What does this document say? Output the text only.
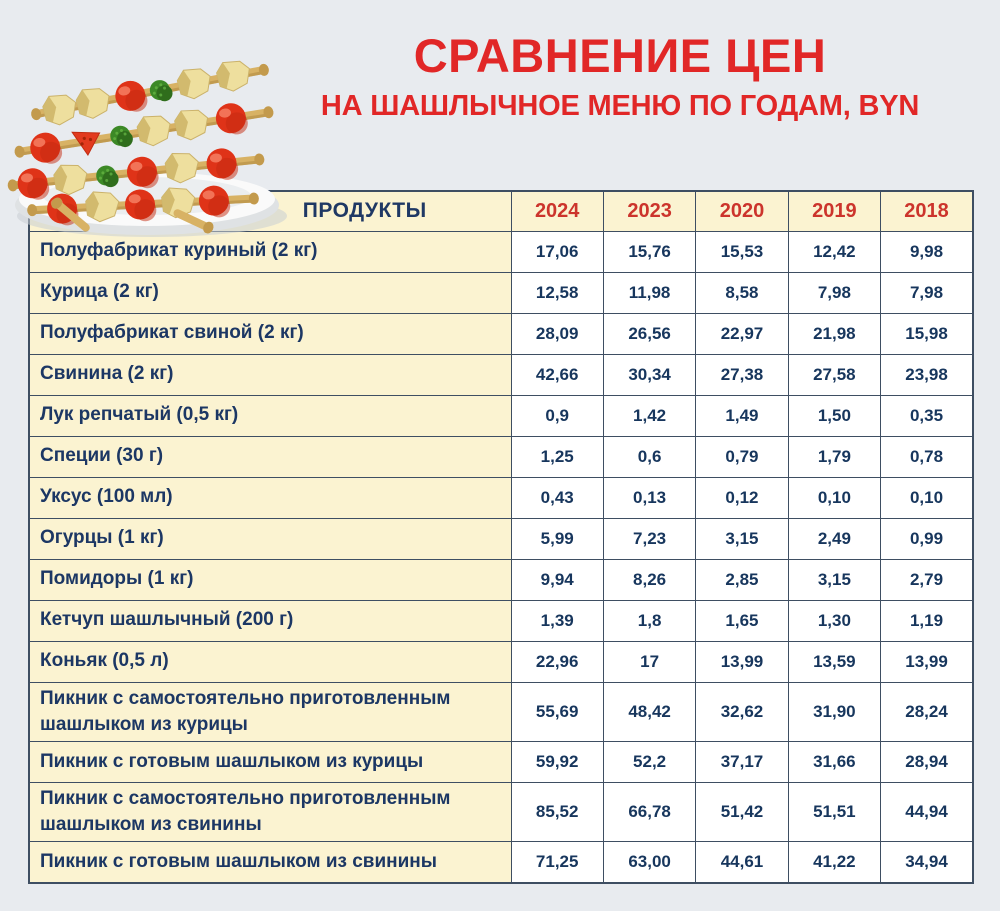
СРАВНЕНИЕ ЦЕН
НА ШАШЛЫЧНОЕ МЕНЮ ПО ГОДАМ, BYN
ПРОДУКТЫ	2024	2023	2020	2019	2018
Полуфабрикат куриный (2 кг)	17,06	15,76	15,53	12,42	9,98
Курица (2 кг)	12,58	11,98	8,58	7,98	7,98
Полуфабрикат свиной (2 кг)	28,09	26,56	22,97	21,98	15,98
Свинина (2 кг)	42,66	30,34	27,38	27,58	23,98
Лук репчатый (0,5 кг)	0,9	1,42	1,49	1,50	0,35
Специи (30 г)	1,25	0,6	0,79	1,79	0,78
Уксус (100 мл)	0,43	0,13	0,12	0,10	0,10
Огурцы (1 кг)	5,99	7,23	3,15	2,49	0,99
Помидоры (1 кг)	9,94	8,26	2,85	3,15	2,79
Кетчуп шашлычный (200 г)	1,39	1,8	1,65	1,30	1,19
Коньяк (0,5 л)	22,96	17	13,99	13,59	13,99
Пикник с самостоятельно приготовленным шашлыком из курицы	55,69	48,42	32,62	31,90	28,24
Пикник с готовым шашлыком из курицы	59,92	52,2	37,17	31,66	28,94
Пикник с самостоятельно приготовленным шашлыком из свинины	85,52	66,78	51,42	51,51	44,94
Пикник с готовым шашлыком из свинины	71,25	63,00	44,61	41,22	34,94
